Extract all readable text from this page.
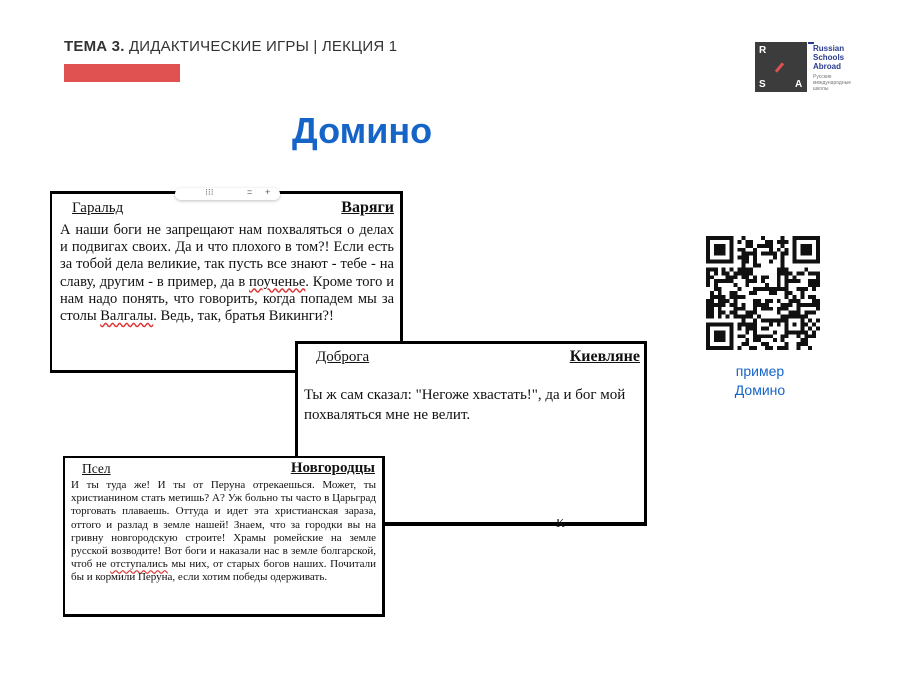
ТЕМА 3. ДИДАКТИЧЕСКИЕ ИГРЫ | ЛЕКЦИЯ 1	R
S	A
Russian
Schools
Abroad
Русские международные школы
Домино
⁝⁝⁝	= +
Гаральд	Варяги
А наши боги не запрещают нам похваляться о делах и подвигах своих. Да и что плохого в том?! Если есть за тобой дела великие, так пусть все знают - тебе - на славу, другим - в пример, да в поученье. Кроме того и нам надо понять, что говорить, когда попадем мы за столы Валгалы. Ведь, так, братья Викинги?!
Доброга	Киевляне
Ты ж сам сказал: "Негоже хвастать!", да и бог мой похваляться мне не велит.
К
Псел	Новгородцы
И ты туда же! И ты от Перуна отрекаешься. Может, ты христианином стать метишь? А? Уж больно ты часто в Царьград торговать плаваешь. Оттуда и идет эта христианская зараза, оттого и разлад в земле нашей! Знаем, что за городки вы на гривну новгородскую строите! Храмы ромейские на земле русской возводите! Вот боги и наказали нас в земле болгарской, чтоб не отступались мы них, от старых богов наших. Почитали бы и кормили Перуна, если хотим победы одерживать.
пример
Домино
